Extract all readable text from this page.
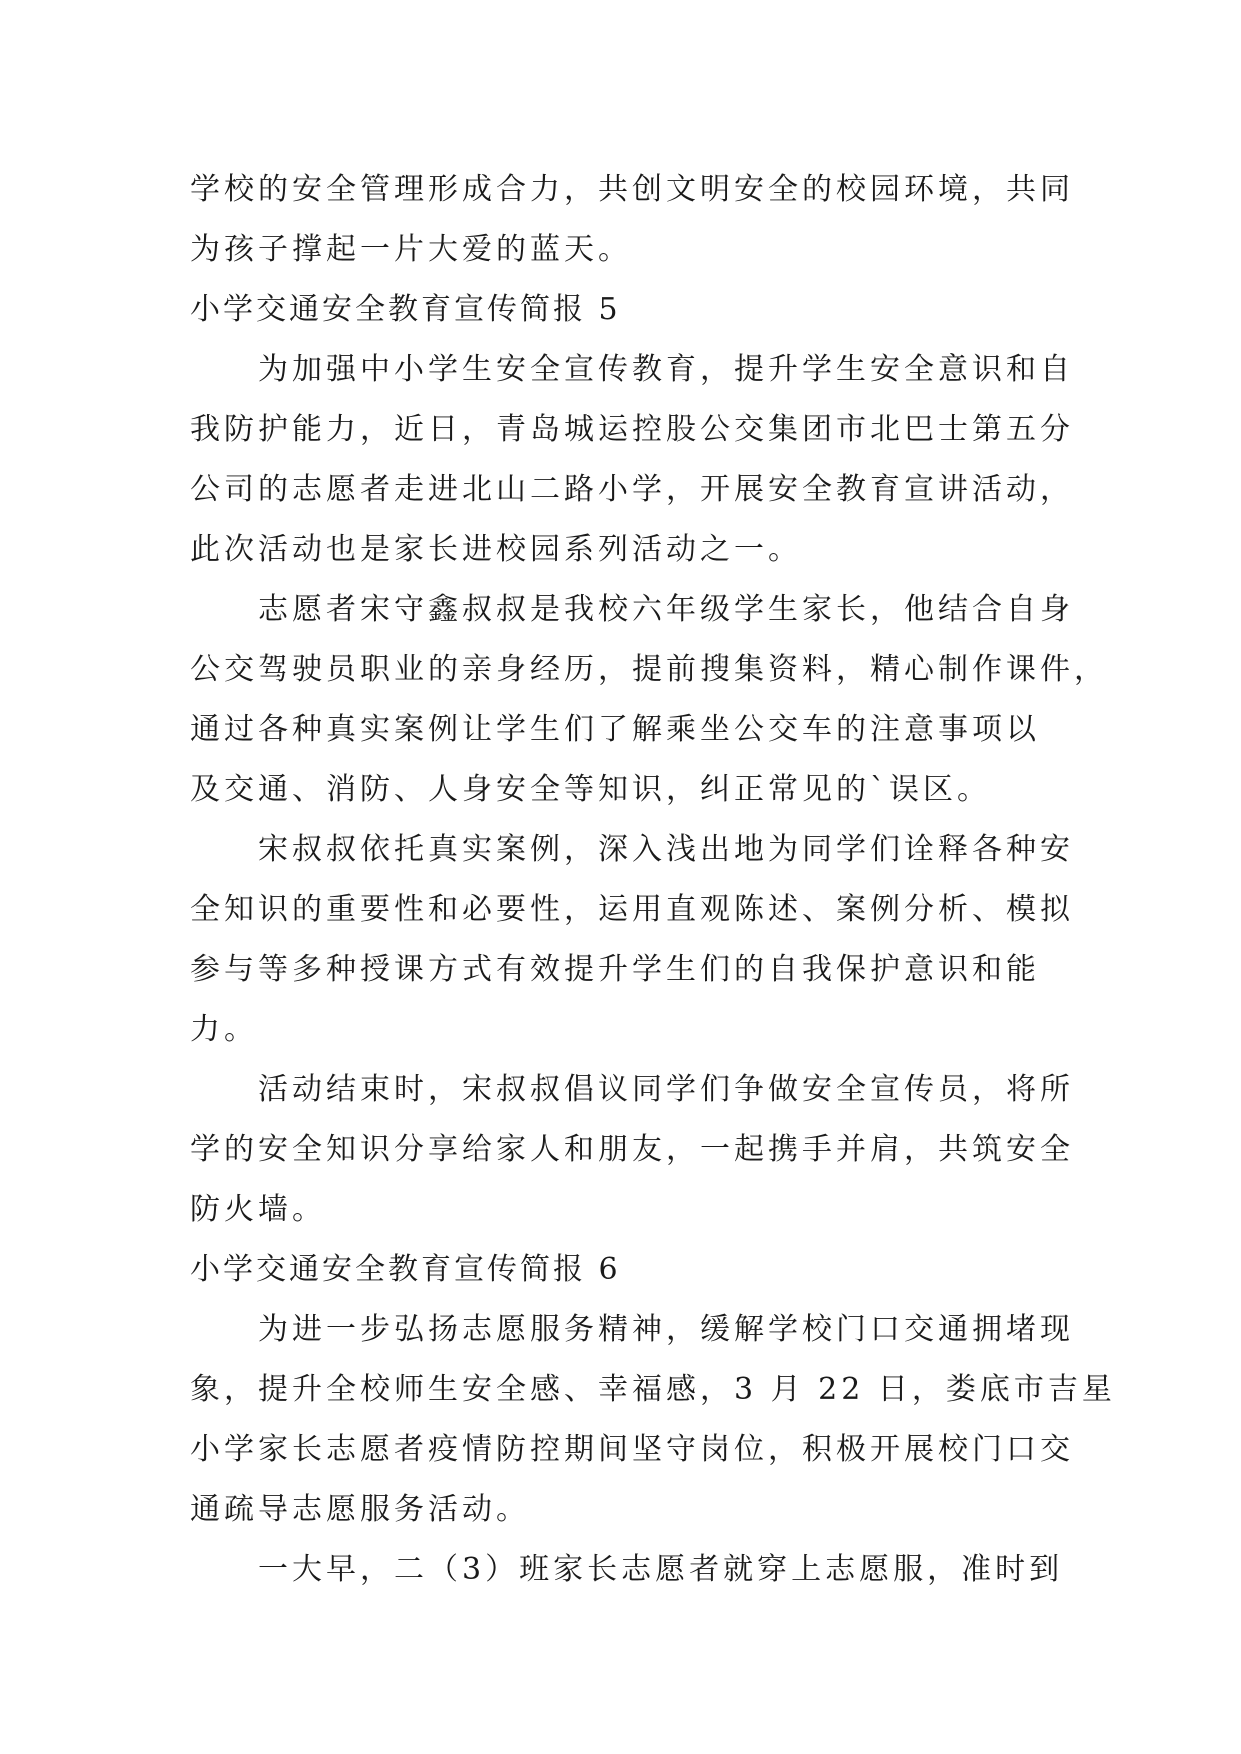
学校的安全管理形成合力，共创文明安全的校园环境，共同
为孩子撑起一片大爱的蓝天。
小学交通安全教育宣传简报 5
为加强中小学生安全宣传教育，提升学生安全意识和自
我防护能力，近日，青岛城运控股公交集团市北巴士第五分
公司的志愿者走进北山二路小学，开展安全教育宣讲活动，
此次活动也是家长进校园系列活动之一。
志愿者宋守鑫叔叔是我校六年级学生家长，他结合自身
公交驾驶员职业的亲身经历，提前搜集资料，精心制作课件，
通过各种真实案例让学生们了解乘坐公交车的注意事项以
及交通、消防、人身安全等知识，纠正常见的`误区。
宋叔叔依托真实案例，深入浅出地为同学们诠释各种安
全知识的重要性和必要性，运用直观陈述、案例分析、模拟
参与等多种授课方式有效提升学生们的自我保护意识和能
力。
活动结束时，宋叔叔倡议同学们争做安全宣传员，将所
学的安全知识分享给家人和朋友，一起携手并肩，共筑安全
防火墙。
小学交通安全教育宣传简报 6
为进一步弘扬志愿服务精神，缓解学校门口交通拥堵现
象，提升全校师生安全感、幸福感，3 月 22 日，娄底市吉星
小学家长志愿者疫情防控期间坚守岗位，积极开展校门口交
通疏导志愿服务活动。
一大早，二（3）班家长志愿者就穿上志愿服，准时到
